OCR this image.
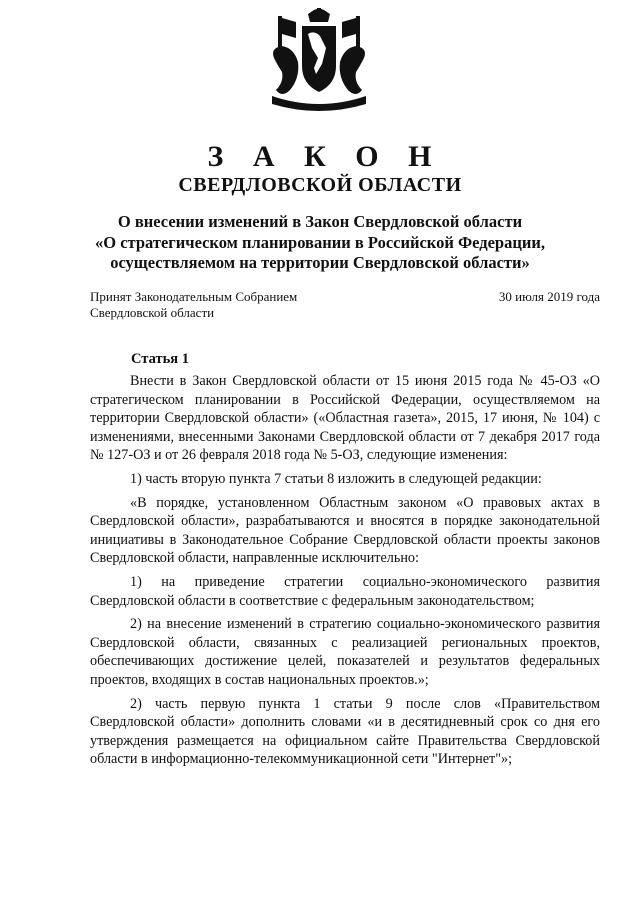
З А К О Н
СВЕРДЛОВСКОЙ ОБЛАСТИ
О внесении изменений в Закон Свердловской области
«О стратегическом планировании в Российской Федерации,
осуществляемом на территории Свердловской области»
Принят Законодательным Собранием
Свердловской области
30 июля 2019 года
Статья 1

Внести в Закон Свердловской области от 15 июня 2015 года № 45-ОЗ «О стратегическом планировании в Российской Федерации, осуществляемом на территории Свердловской области» («Областная газета», 2015, 17 июня, № 104) с изменениями, внесенными Законами Свердловской области от 7 декабря 2017 года № 127-ОЗ и от 26 февраля 2018 года № 5-ОЗ, следующие изменения:

1) часть вторую пункта 7 статьи 8 изложить в следующей редакции:

«В порядке, установленном Областным законом «О правовых актах в Свердловской области», разрабатываются и вносятся в порядке законодательной инициативы в Законодательное Собрание Свердловской области проекты законов Свердловской области, направленные исключительно:

1) на приведение стратегии социально-экономического развития Свердловской области в соответствие с федеральным законодательством;

2) на внесение изменений в стратегию социально-экономического развития Свердловской области, связанных с реализацией региональных проектов, обеспечивающих достижение целей, показателей и результатов федеральных проектов, входящих в состав национальных проектов.»;

2) часть первую пункта 1 статьи 9 после слов «Правительством Свердловской области» дополнить словами «и в десятидневный срок со дня его утверждения размещается на официальном сайте Правительства Свердловской области в информационно-телекоммуникационной сети "Интернет"»;
